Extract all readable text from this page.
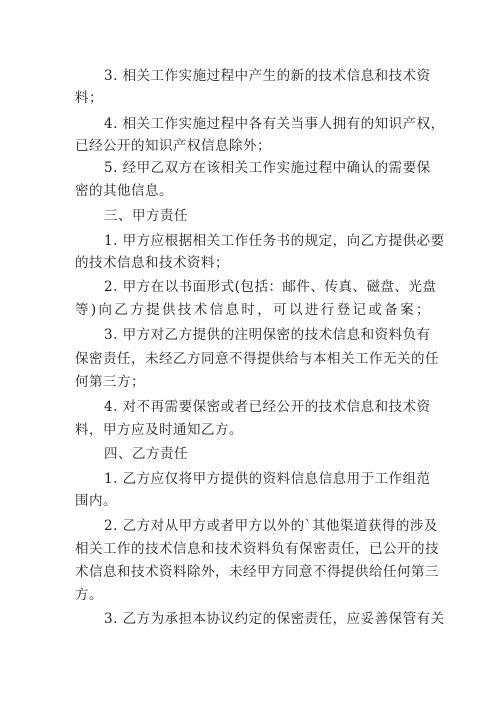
3. 相关工作实施过程中产生的新的技术信息和技术资
料；
4. 相关工作实施过程中各有关当事人拥有的知识产权，
已经公开的知识产权信息除外；
5. 经甲乙双方在该相关工作实施过程中确认的需要保
密的其他信息。
三、甲方责任
1. 甲方应根据相关工作任务书的规定，向乙方提供必要
的技术信息和技术资料；
2. 甲方在以书面形式(包括：邮件、传真、磁盘、光盘
等)向乙方提供技术信息时，可以进行登记或备案；
3. 甲方对乙方提供的注明保密的技术信息和资料负有
保密责任，未经乙方同意不得提供给与本相关工作无关的任
何第三方；
4. 对不再需要保密或者已经公开的技术信息和技术资
料，甲方应及时通知乙方。
四、乙方责任
1. 乙方应仅将甲方提供的资料信息信息用于工作组范
围内。
2. 乙方对从甲方或者甲方以外的`其他渠道获得的涉及
相关工作的技术信息和技术资料负有保密责任，已公开的技
术信息和技术资料除外，未经甲方同意不得提供给任何第三
方。
3. 乙方为承担本协议约定的保密责任，应妥善保管有关
